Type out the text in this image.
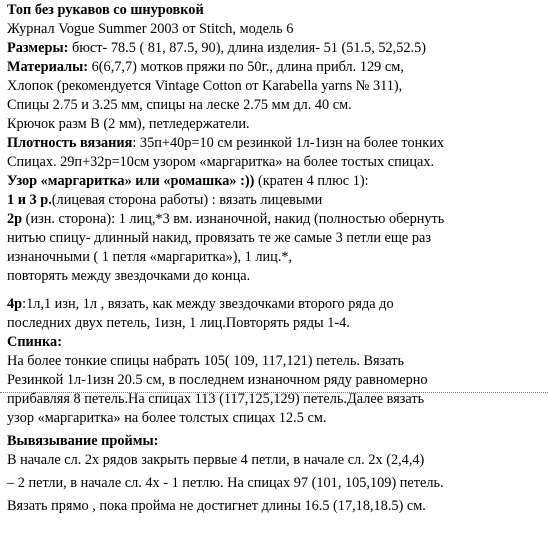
Топ без рукавов со шнуровкой
Журнал Vogue Summer 2003 от Stitch, модель 6
Размеры: бюст- 78.5 ( 81, 87.5, 90), длина изделия- 51 (51.5, 52,52.5)
Материалы: 6(6,7,7) мотков пряжи по 50г., длина прибл. 129 см,
Хлопок (рекомендуется Vintage Cotton от Karabella yarns № 311),
Спицы 2.75 и 3.25 мм, спицы на леске 2.75 мм дл. 40 см.
Крючок разм В (2 мм), петледержатели.
Плотность вязания: 35п+40р=10 см резинкой 1л-1изн на более тонких
Спицах. 29п+32р=10см узором «маргаритка» на более тостых спицах.
Узор «маргаритка» или «ромашка» :)) (кратен 4 плюс 1):
1 и 3 р.(лицевая сторона работы) : вязать лицевыми
2р (изн. сторона): 1 лиц,*3 вм. изнаночной, накид (полностью обернуть
нитью спицу- длинный накид, провязать те же самые 3 петли еще раз
изнаночными ( 1 петля «маргаритка»), 1 лиц.*,
повторять между звездочками до конца.
4р:1л,1 изн, 1л , вязать, как между звездочками второго ряда до
последних двух петель, 1изн, 1 лиц.Повторять ряды 1-4.
Спинка:
На более тонкие спицы набрать 105( 109, 117,121) петель. Вязать
Резинкой 1л-1изн 20.5 см, в последнем изнаночном ряду равномерно
прибавляя 8 петель.На спицах 113 (117,125,129) петель.Далее вязать
узор «маргаритка» на более толстых спицах 12.5 см.
Вывязывание проймы:
В начале сл. 2х рядов закрыть первые 4 петли, в начале сл. 2х (2,4,4)
– 2 петли, в начале сл. 4х - 1 петлю. На спицах 97 (101, 105,109) петель.
Вязать прямо , пока пройма не достигнет длины 16.5 (17,18,18.5) см.
